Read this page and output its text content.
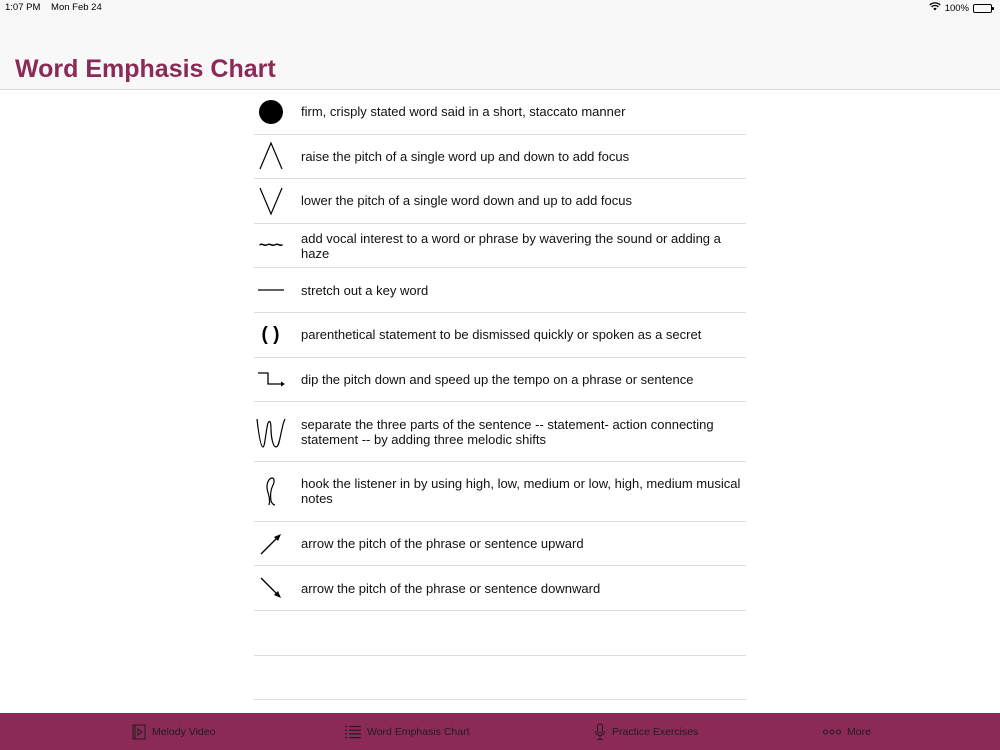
1:07 PM Mon Feb 24	100%
Word Emphasis Chart
firm, crisply stated word said in a short, staccato manner
raise the pitch of a single word up and down to add focus
lower the pitch of a single word down and up to add focus
~~~ add vocal interest to a word or phrase by wavering the sound or adding a haze
stretch out a key word
( ) parenthetical statement to be dismissed quickly or spoken as a secret
dip the pitch down and speed up the tempo on a phrase or sentence
separate the three parts of the sentence -- statement- action connecting statement -- by adding three melodic shifts
hook the listener in by using high, low, medium or low, high, medium musical notes
arrow the pitch of the phrase or sentence upward
arrow the pitch of the phrase or sentence downward
Melody Video	Word Emphasis Chart	Practice Exercises	More
